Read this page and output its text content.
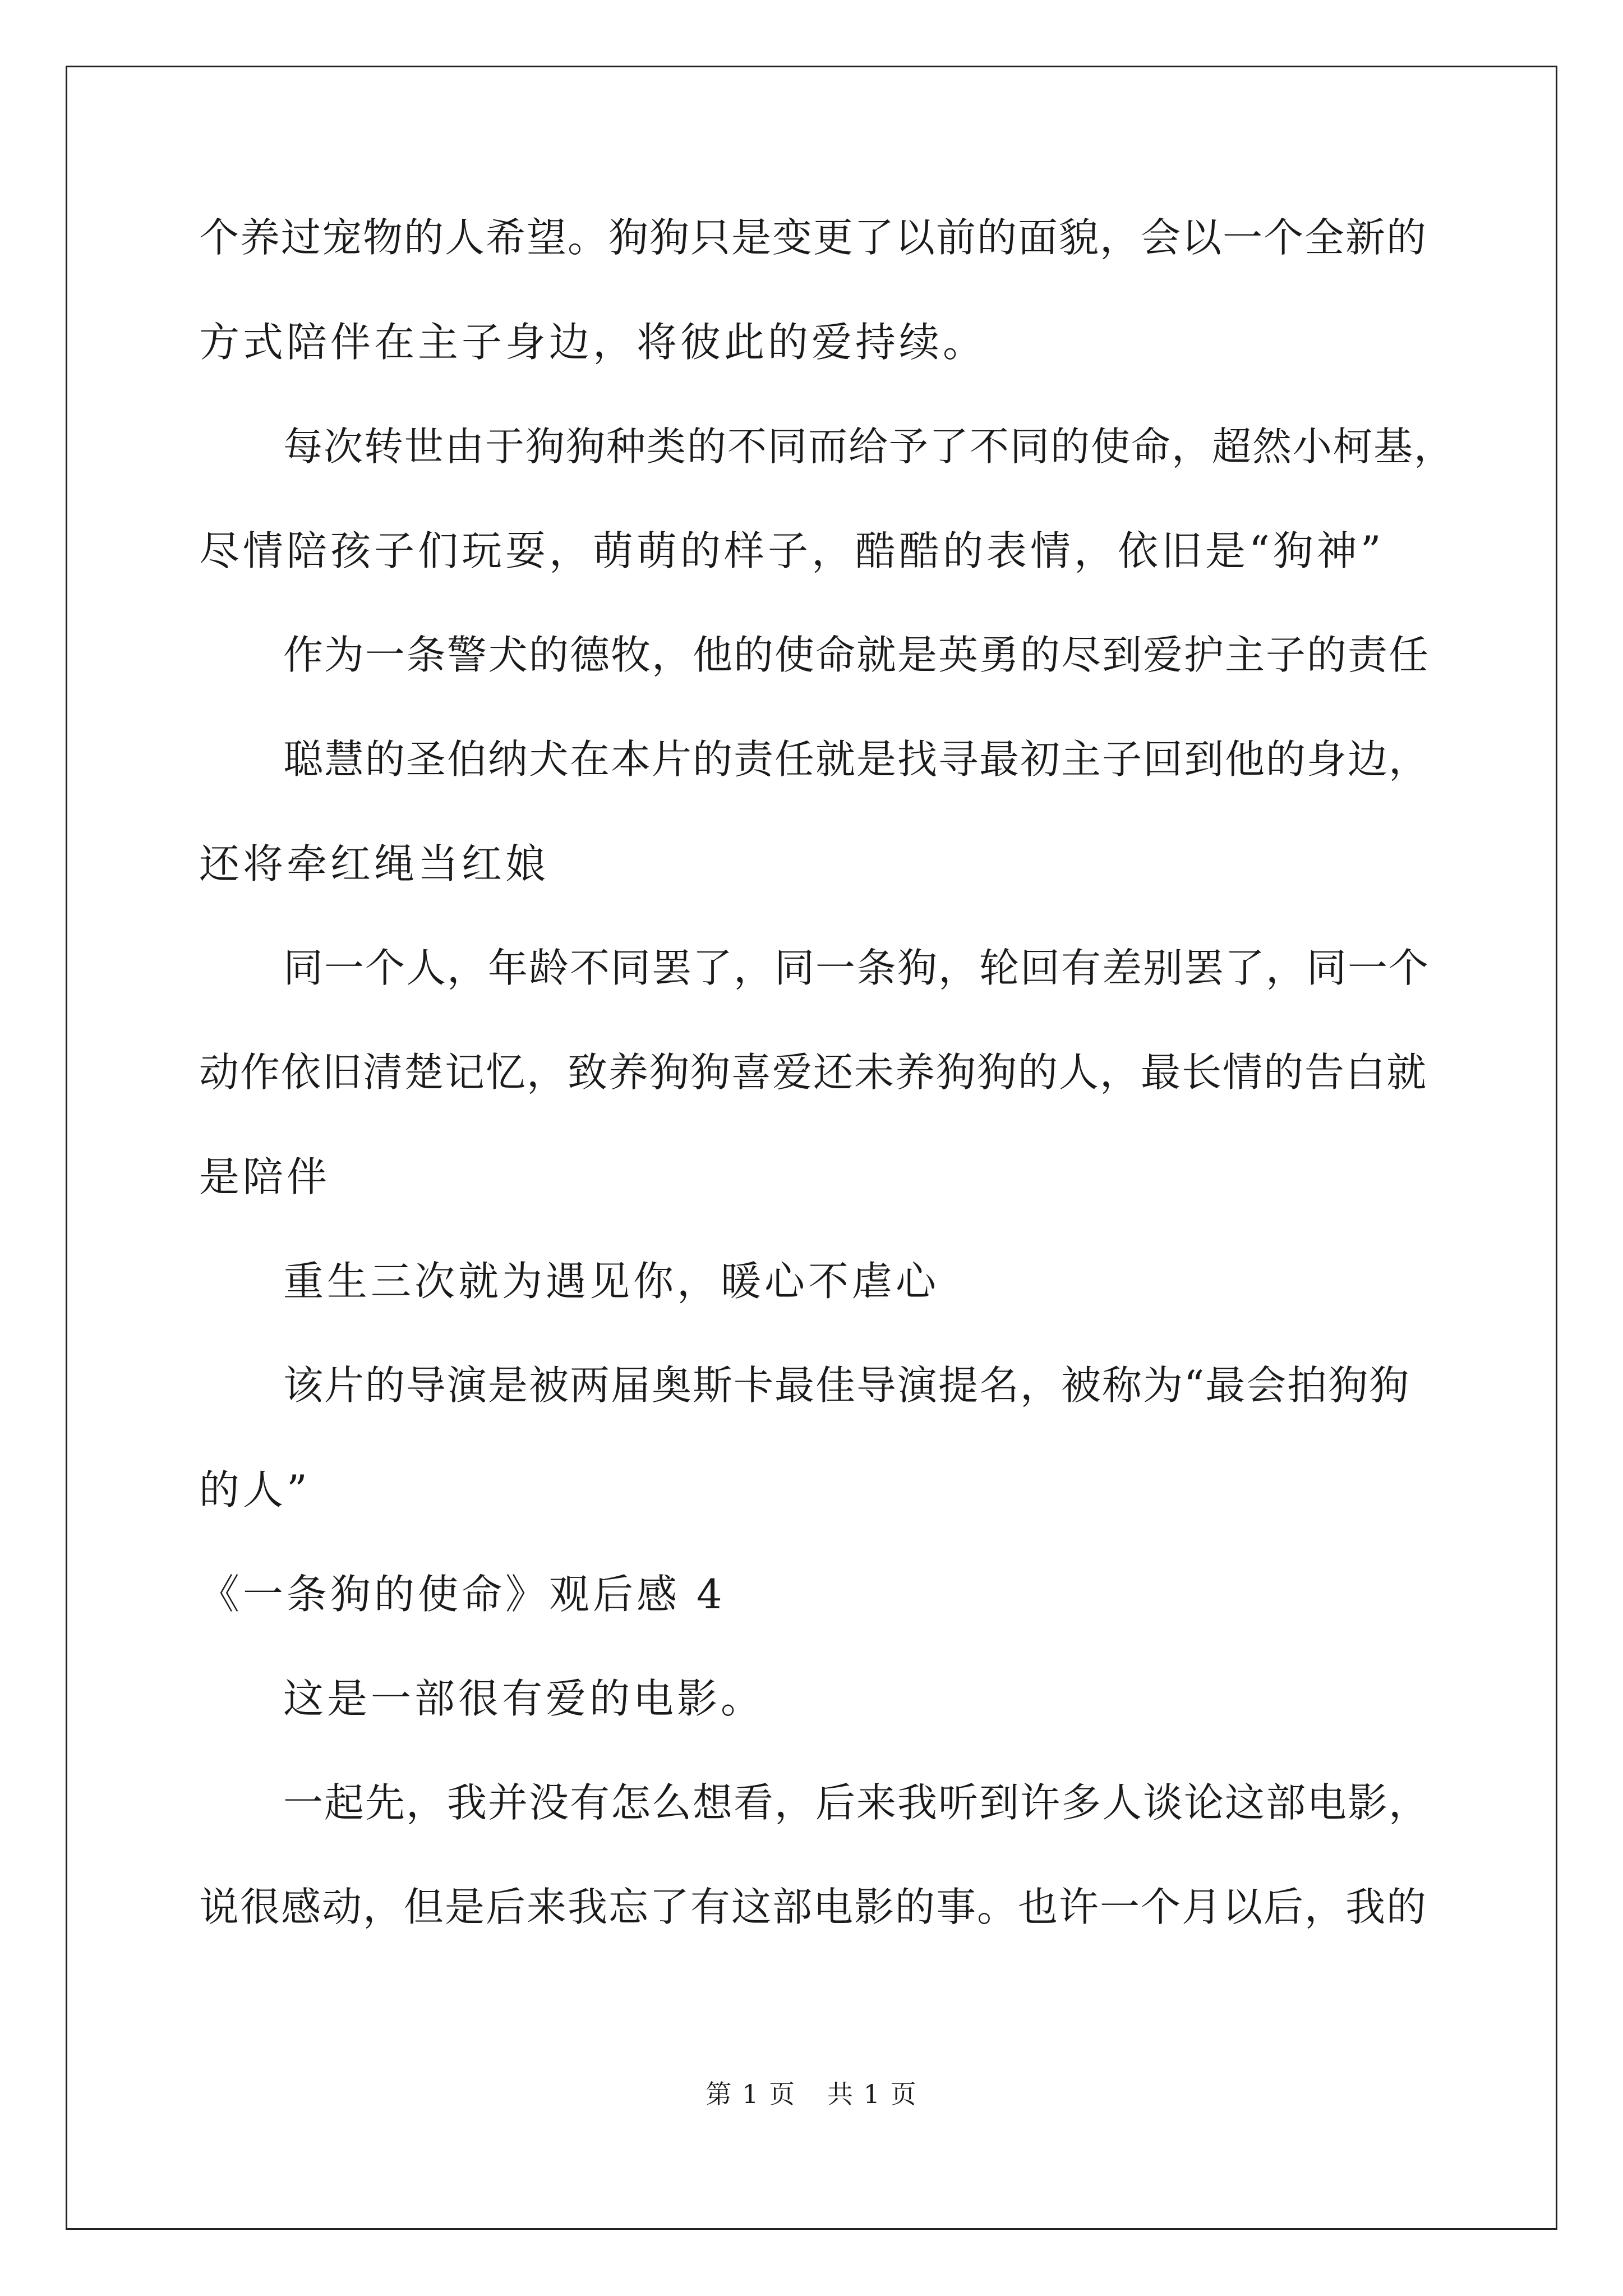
个养过宠物的人希望。狗狗只是变更了以前的面貌，会以一个全新的
方式陪伴在主子身边，将彼此的爱持续。
每次转世由于狗狗种类的不同而给予了不同的使命，超然小柯基，
尽情陪孩子们玩耍，萌萌的样子，酷酷的表情，依旧是“狗神”
作为一条警犬的德牧，他的使命就是英勇的尽到爱护主子的责任
聪慧的圣伯纳犬在本片的责任就是找寻最初主子回到他的身边，
还将牵红绳当红娘
同一个人，年龄不同罢了，同一条狗，轮回有差别罢了，同一个
动作依旧清楚记忆，致养狗狗喜爱还未养狗狗的人，最长情的告白就
是陪伴
重生三次就为遇见你，暖心不虐心
该片的导演是被两届奥斯卡最佳导演提名，被称为“最会拍狗狗
的人”
《一条狗的使命》观后感 4
这是一部很有爱的电影。
一起先，我并没有怎么想看，后来我听到许多人谈论这部电影，
说很感动，但是后来我忘了有这部电影的事。也许一个月以后，我的
第 1 页 共 1 页
